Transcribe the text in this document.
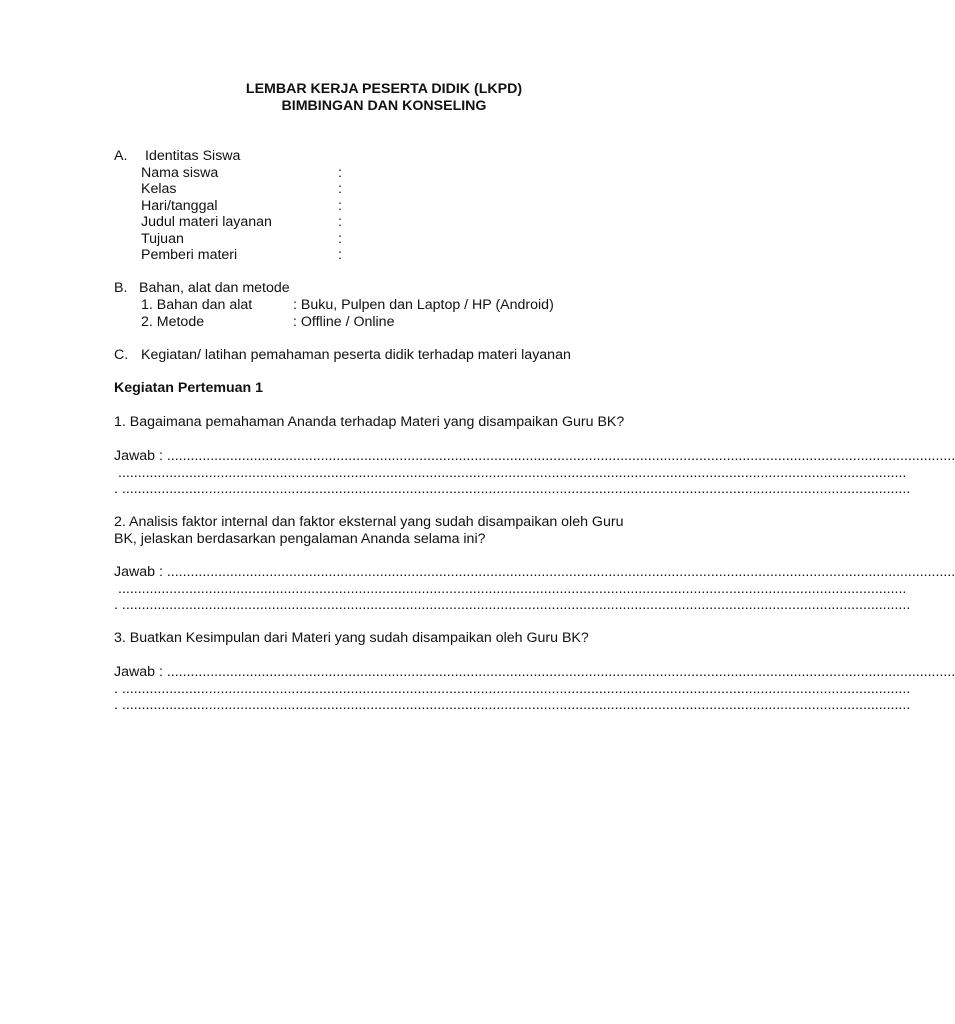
LEMBAR KERJA PESERTA DIDIK (LKPD)
BIMBINGAN DAN KONSELING
A. Identitas Siswa
Nama siswa	:
Kelas	:
Hari/tanggal	:
Judul materi layanan	:
Tujuan	:
Pemberi materi	:
B. Bahan, alat dan metode
1. Bahan dan alat	: Buku, Pulpen dan Laptop / HP (Android)
2. Metode	: Offline / Online
C. Kegiatan/ latihan pemahaman peserta didik terhadap materi layanan
Kegiatan Pertemuan 1
1. Bagaimana pemahaman Ananda terhadap Materi yang disampaikan Guru BK?
Jawab : ........................................................................................................................................................................................................
........................................................................................................................................................................................................
. ........................................................................................................................................................................................................
2. Analisis faktor internal dan faktor eksternal yang sudah disampaikan oleh Guru
BK, jelaskan berdasarkan pengalaman Ananda selama ini?
Jawab : ........................................................................................................................................................................................................
........................................................................................................................................................................................................
. ........................................................................................................................................................................................................
3. Buatkan Kesimpulan dari Materi yang sudah disampaikan oleh Guru BK?
Jawab : ........................................................................................................................................................................................................
. ........................................................................................................................................................................................................
. ........................................................................................................................................................................................................
